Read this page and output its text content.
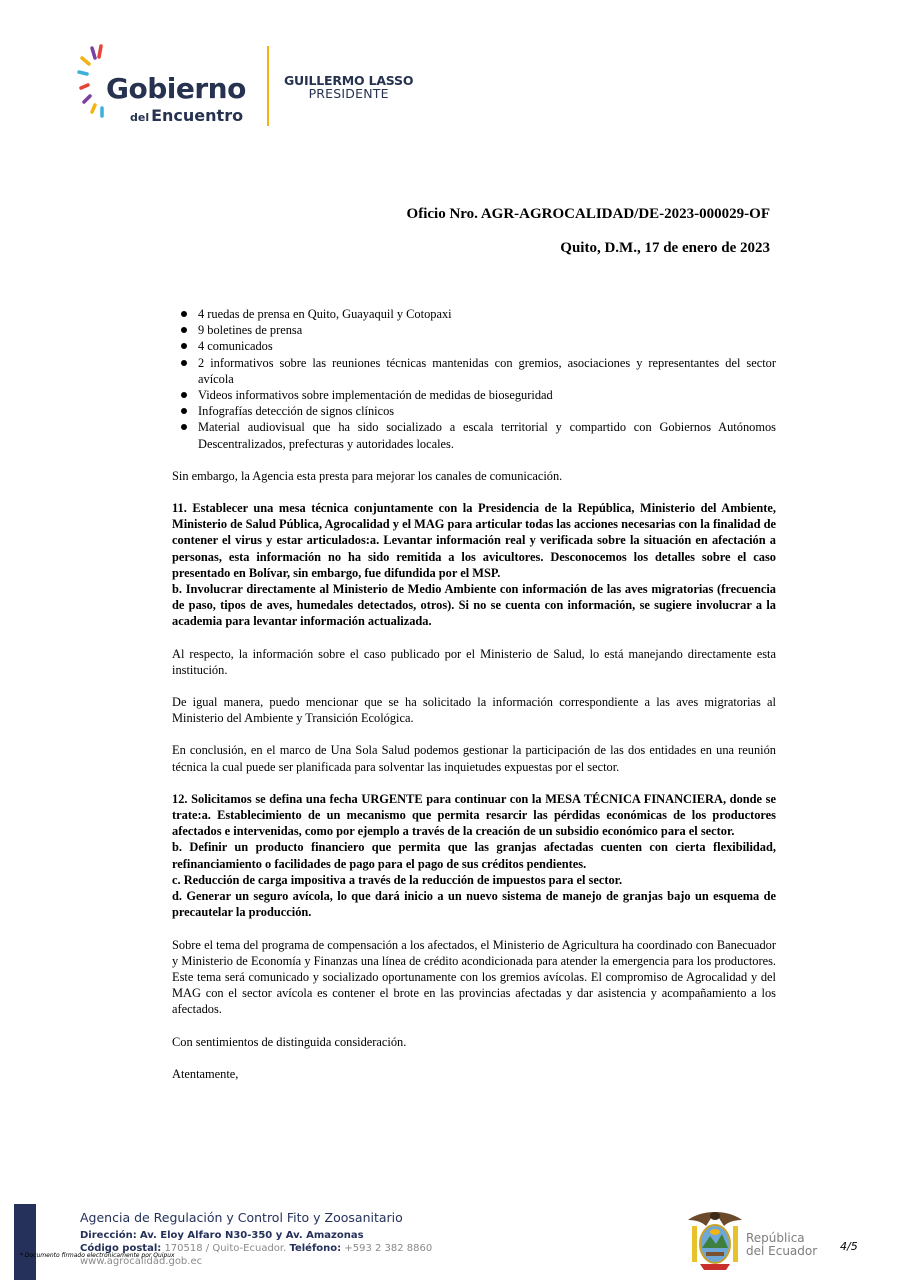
Gobierno
del Encuentro
GUILLERMO LASSO
PRESIDENTE
Oficio Nro. AGR-AGROCALIDAD/DE-2023-000029-OF
Quito, D.M., 17 de enero de 2023
4 ruedas de prensa en Quito, Guayaquil y Cotopaxi
9 boletines de prensa
4 comunicados
2 informativos sobre las reuniones técnicas mantenidas con gremios, asociaciones y representantes del sector avícola
Videos informativos sobre implementación de medidas de bioseguridad
Infografías detección de signos clínicos
Material audiovisual que ha sido socializado a escala territorial y compartido con Gobiernos Autónomos Descentralizados, prefecturas y autoridades locales.

Sin embargo, la Agencia esta presta para mejorar los canales de comunicación.

11. Establecer una mesa técnica conjuntamente con la Presidencia de la República, Ministerio del Ambiente, Ministerio de Salud Pública, Agrocalidad y el MAG para articular todas las acciones necesarias con la finalidad de contener el virus y estar articulados:a. Levantar información real y verificada sobre la situación en afectación a personas, esta información no ha sido remitida a los avicultores. Desconocemos los detalles sobre el caso presentado en Bolívar, sin embargo, fue difundida por el MSP.

b. Involucrar directamente al Ministerio de Medio Ambiente con información de las aves migratorias (frecuencia de paso, tipos de aves, humedales detectados, otros). Si no se cuenta con información, se sugiere involucrar a la academia para levantar información actualizada.

Al respecto, la información sobre el caso publicado por el Ministerio de Salud, lo está manejando directamente esta institución.

De igual manera, puedo mencionar que se ha solicitado la información correspondiente a las aves migratorias al Ministerio del Ambiente y Transición Ecológica.

En conclusión, en el marco de Una Sola Salud podemos gestionar la participación de las dos entidades en una reunión técnica la cual puede ser planificada para solventar las inquietudes expuestas por el sector.

12. Solicitamos se defina una fecha URGENTE para continuar con la MESA TÉCNICA FINANCIERA, donde se trate:a. Establecimiento de un mecanismo que permita resarcir las pérdidas económicas de los productores afectados e intervenidas, como por ejemplo a través de la creación de un subsidio económico para el sector.

b. Definir un producto financiero que permita que las granjas afectadas cuenten con cierta flexibilidad, refinanciamiento o facilidades de pago para el pago de sus créditos pendientes.

c. Reducción de carga impositiva a través de la reducción de impuestos para el sector.

d. Generar un seguro avícola, lo que dará inicio a un nuevo sistema de manejo de granjas bajo un esquema de precautelar la producción.

Sobre el tema del programa de compensación a los afectados, el Ministerio de Agricultura ha coordinado con Banecuador y Ministerio de Economía y Finanzas una línea de crédito acondicionada para atender la emergencia para los productores. Este tema será comunicado y socializado oportunamente con los gremios avícolas. El compromiso de Agrocalidad y del MAG con el sector avícola es contener el brote en las provincias afectadas y dar asistencia y acompañamiento a los afectados.

Con sentimientos de distinguida consideración.

Atentamente,

Agencia de Regulación y Control Fito y Zoosanitario
Dirección: Av. Eloy Alfaro N30-350 y Av. Amazonas
Código postal: 170518 / Quito-Ecuador. Teléfono: +593 2 382 8860
www.agrocalidad.gob.ec
* Documento firmado electrónicamente por Quipux
República
del Ecuador 4/5
